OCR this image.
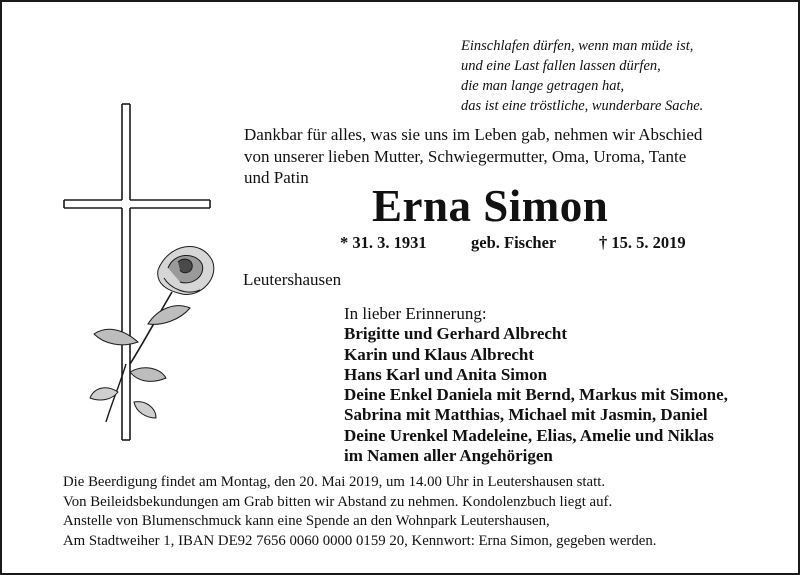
Einschlafen dürfen, wenn man müde ist,
und eine Last fallen lassen dürfen,
die man lange getragen hat,
das ist eine tröstliche, wunderbare Sache.
Dankbar für alles, was sie uns im Leben gab, nehmen wir Abschied
von unserer lieben Mutter, Schwiegermutter, Oma, Uroma, Tante
und Patin
Erna Simon
* 31. 3. 1931	geb. Fischer	† 15. 5. 2019
Leutershausen
In lieber Erinnerung:
Brigitte und Gerhard Albrecht
Karin und Klaus Albrecht
Hans Karl und Anita Simon
Deine Enkel Daniela mit Bernd, Markus mit Simone,
Sabrina mit Matthias, Michael mit Jasmin, Daniel
Deine Urenkel Madeleine, Elias, Amelie und Niklas
im Namen aller Angehörigen
Die Beerdigung findet am Montag, den 20. Mai 2019, um 14.00 Uhr in Leutershausen statt.
Von Beileidsbekundungen am Grab bitten wir Abstand zu nehmen. Kondolenzbuch liegt auf.
Anstelle von Blumenschmuck kann eine Spende an den Wohnpark Leutershausen,
Am Stadtweiher 1, IBAN DE92 7656 0060 0000 0159 20, Kennwort: Erna Simon, gegeben werden.
